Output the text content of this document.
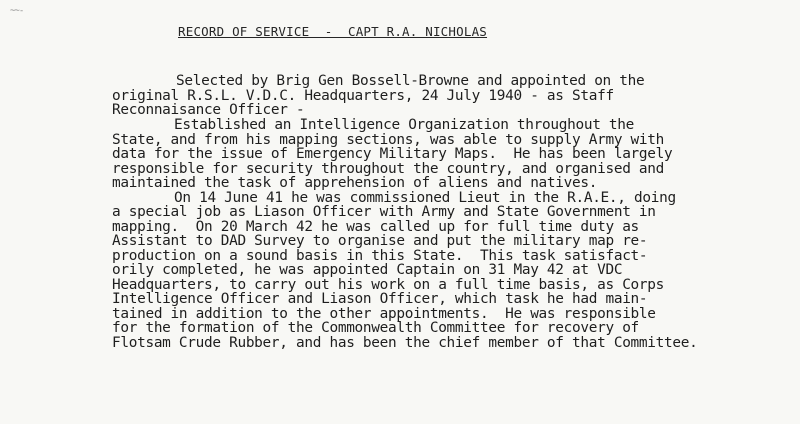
~~-
RECORD OF SERVICE  -  CAPT R.A. NICHOLAS
Selected by Brig Gen Bossell-Browne and appointed on the
original R.S.L. V.D.C. Headquarters, 24 July 1940 - as Staff
Reconnaisance Officer -
Established an Intelligence Organization throughout the
State, and from his mapping sections, was able to supply Army with
data for the issue of Emergency Military Maps.  He has been largely
responsible for security throughout the country, and organised and
maintained the task of apprehension of aliens and natives.
On 14 June 41 he was commissioned Lieut in the R.A.E., doing
a special job as Liason Officer with Army and State Government in
mapping.  On 20 March 42 he was called up for full time duty as
Assistant to DAD Survey to organise and put the military map re-
production on a sound basis in this State.  This task satisfact-
orily completed, he was appointed Captain on 31 May 42 at VDC
Headquarters, to carry out his work on a full time basis, as Corps
Intelligence Officer and Liason Officer, which task he had main-
tained in addition to the other appointments.  He was responsible
for the formation of the Commonwealth Committee for recovery of
Flotsam Crude Rubber, and has been the chief member of that Committee.
